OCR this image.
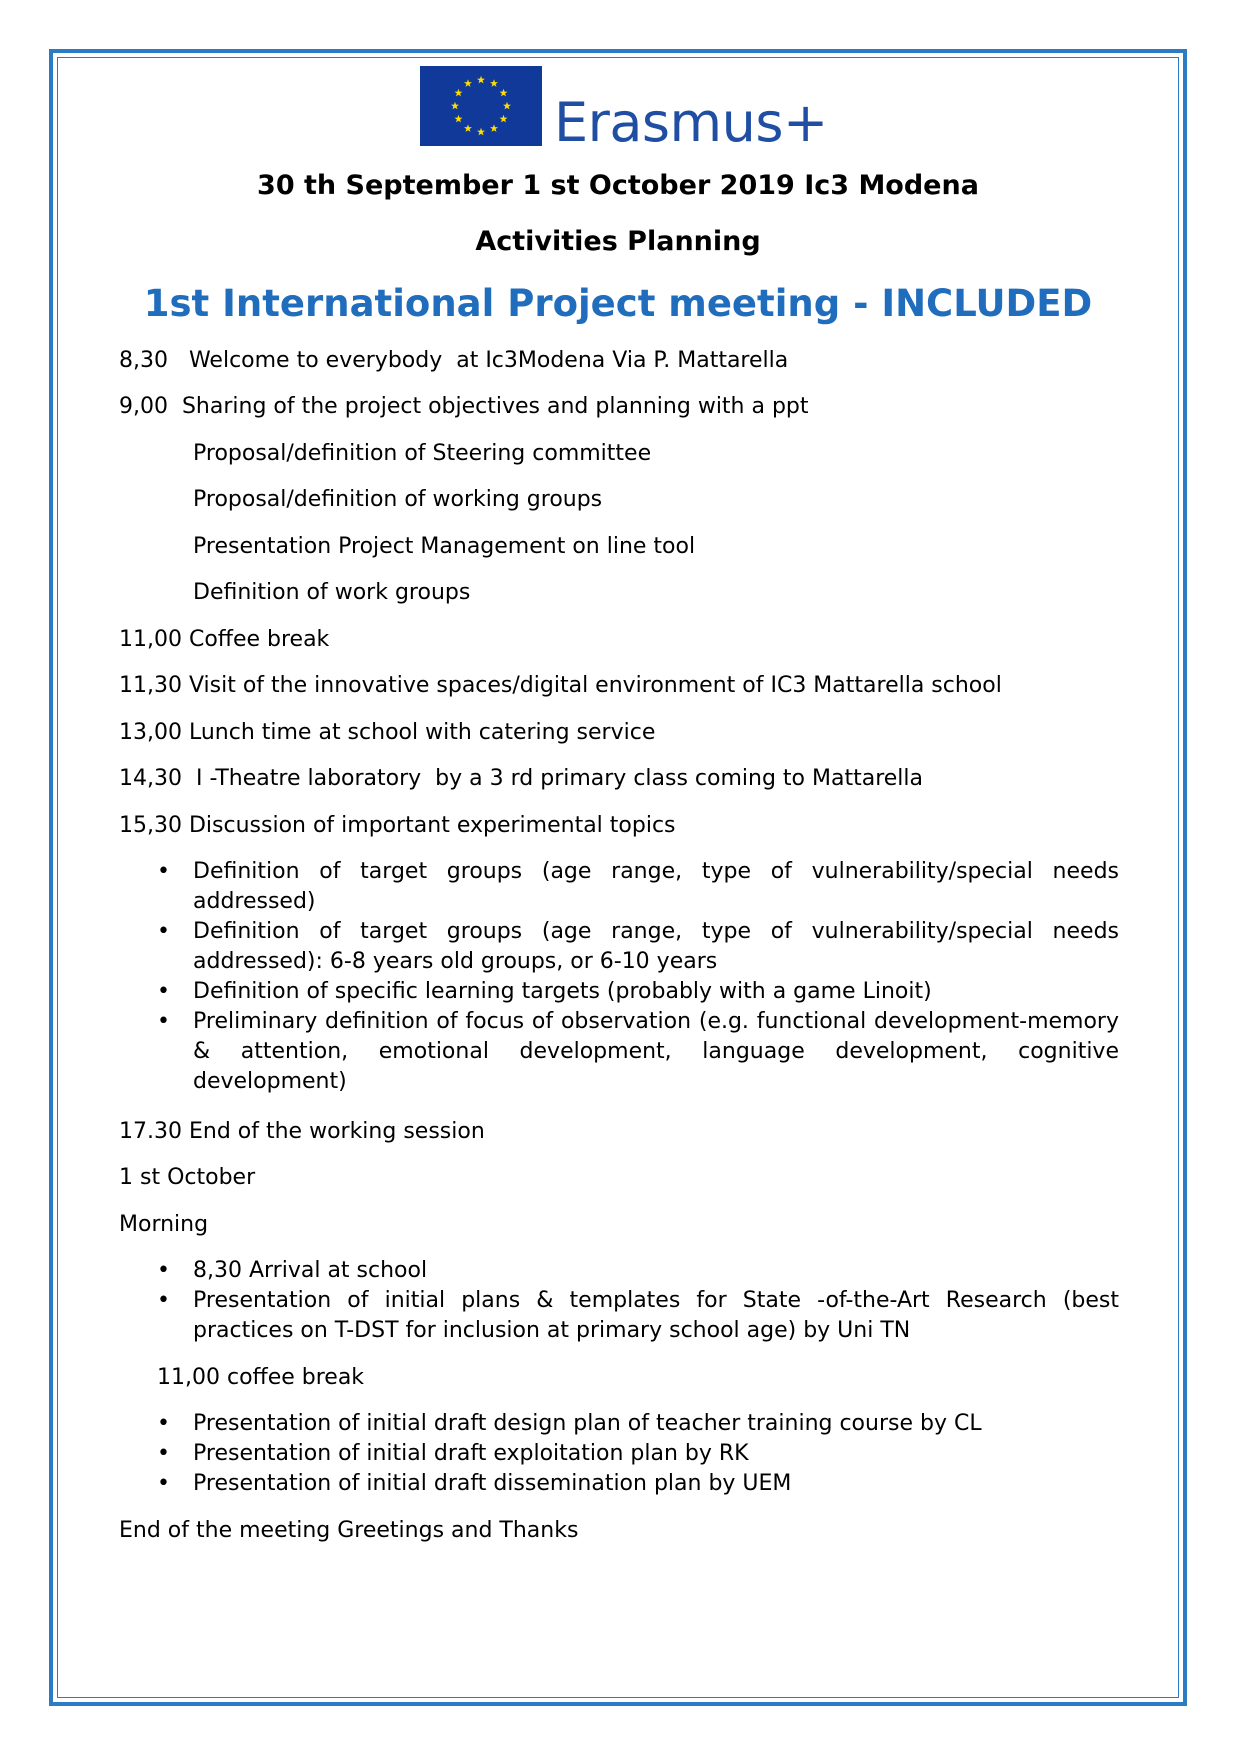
Erasmus+
30 th September 1 st October 2019 Ic3 Modena
Activities Planning
1st International Project meeting - INCLUDED
8,30   Welcome to everybody  at Ic3Modena Via P. Mattarella
9,00  Sharing of the project objectives and planning with a ppt
Proposal/definition of Steering committee
Proposal/definition of working groups
Presentation Project Management on line tool
Definition of work groups
11,00 Coffee break
11,30 Visit of the innovative spaces/digital environment of IC3 Mattarella school
13,00 Lunch time at school with catering service
14,30  I -Theatre laboratory  by a 3 rd primary class coming to Mattarella
15,30 Discussion of important experimental topics
• Definition of target groups (age range, type of vulnerability/special needs addressed)
• Definition of target groups (age range, type of vulnerability/special needs addressed): 6-8 years old groups, or 6-10 years
• Definition of specific learning targets (probably with a game Linoit)
• Preliminary definition of focus of observation (e.g. functional development-memory & attention, emotional development, language development, cognitive development)
17.30 End of the working session
1 st October
Morning
• 8,30 Arrival at school
• Presentation of initial plans & templates for State -of-the-Art Research (best practices on T-DST for inclusion at primary school age) by Uni TN
11,00 coffee break
• Presentation of initial draft design plan of teacher training course by CL
• Presentation of initial draft exploitation plan by RK
• Presentation of initial draft dissemination plan by UEM
End of the meeting Greetings and Thanks
